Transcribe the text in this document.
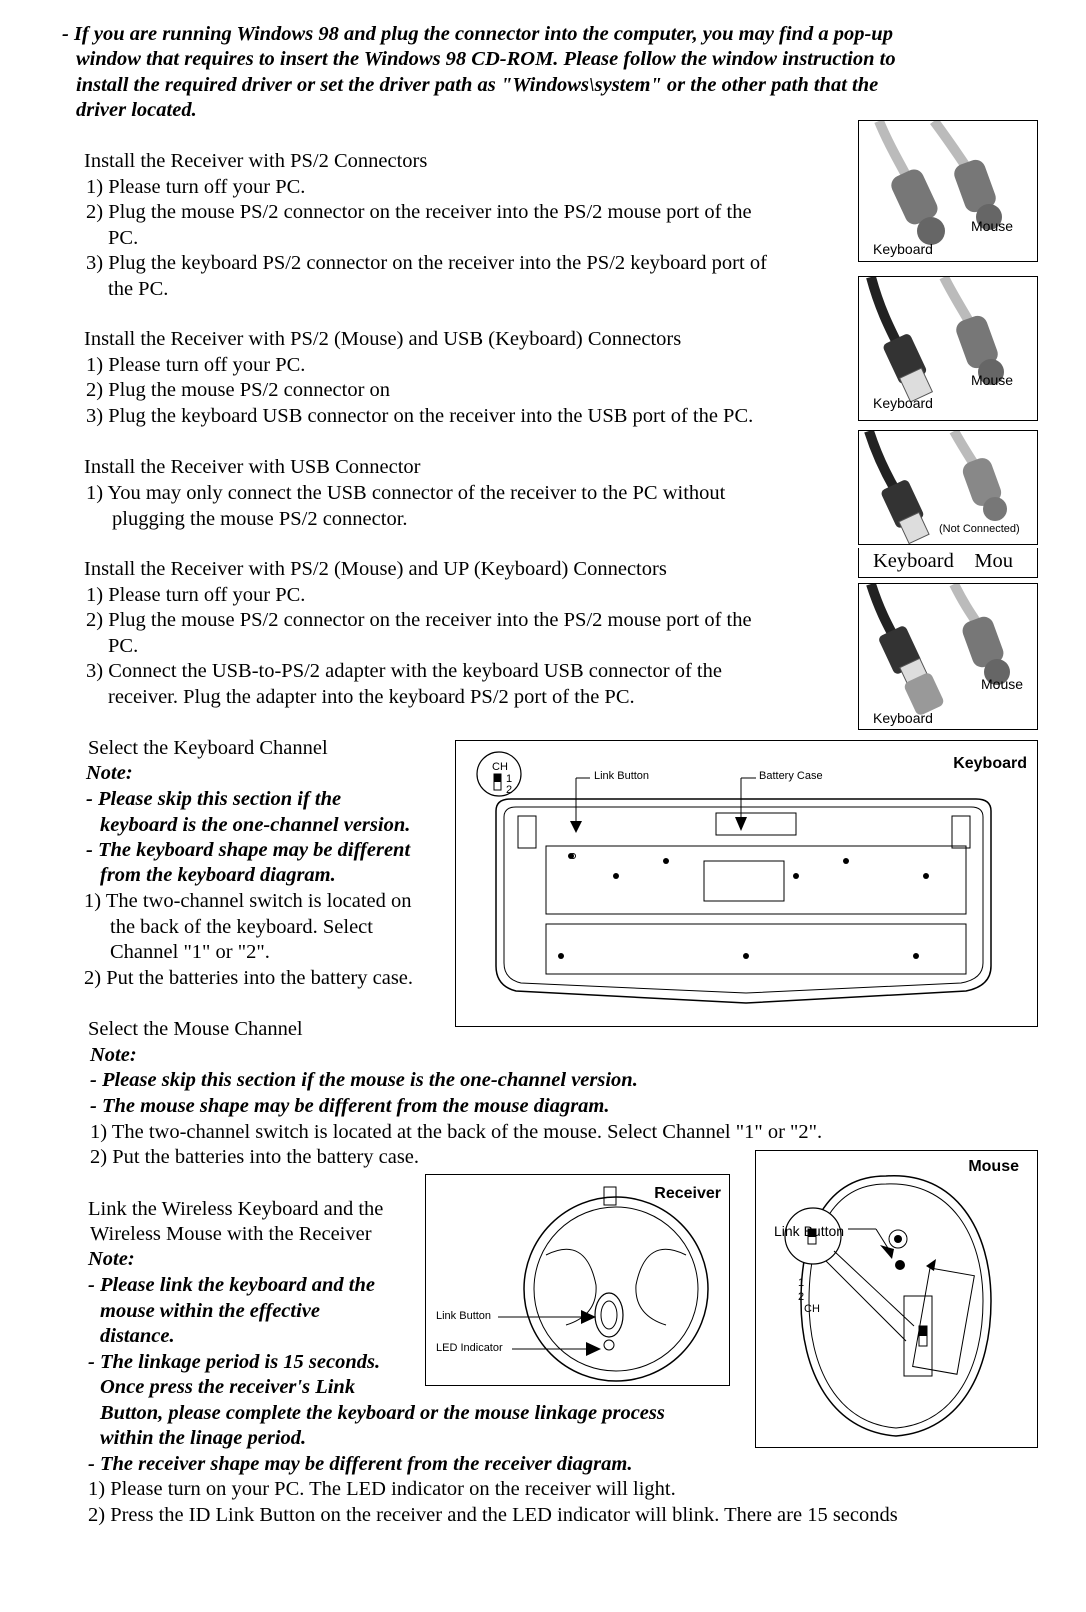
- If you are running Windows 98 and plug the connector into the computer, you may find a pop-up
window that requires to insert the Windows 98 CD-ROM. Please follow the window instruction to
install the required driver or set the driver path as "Windows\system" or the other path that the
driver located.
Install the Receiver with PS/2 Connectors
1) Please turn off your PC.
2) Plug the mouse PS/2 connector on the receiver into the PS/2 mouse port of the
PC.
3) Plug the keyboard PS/2 connector on the receiver into the PS/2 keyboard port of
the PC.
Install the Receiver with PS/2 (Mouse) and USB (Keyboard) Connectors
1) Please turn off your PC.
2) Plug the mouse PS/2 connector on
3) Plug the keyboard USB connector on the receiver into the USB port of the PC.
Install the Receiver with USB Connector
1) You may only connect the USB connector of the receiver to the PC without
plugging the mouse PS/2 connector.
Install the Receiver with PS/2 (Mouse) and UP (Keyboard) Connectors
1) Please turn off your PC.
2) Plug the mouse PS/2 connector on the receiver into the PS/2 mouse port of the
PC.
3) Connect the USB-to-PS/2 adapter with the keyboard USB connector of the
receiver. Plug the adapter into the keyboard PS/2 port of the PC.
Keyboard
Mouse
Keyboard
Mouse
(Not Connected)
Keyboard    Mou
Keyboard
Mouse
Select the Keyboard Channel
Note:
- Please skip this section if the
keyboard is the one-channel version.
- The keyboard shape may be different
from the keyboard diagram.
1) The two-channel switch is located on
the back of the keyboard. Select
Channel "1" or "2".
2) Put the batteries into the battery case.
Keyboard
CH
1
2
Link Button	Battery Case
Select the Mouse Channel
Note:
- Please skip this section if the mouse is the one-channel version.
- The mouse shape may be different from the mouse diagram.
1) The two-channel switch is located at the back of the mouse. Select Channel "1" or "2".
2) Put the batteries into the battery case.	Mouse
Link Button
1
2
CH
Receiver
Link Button
LED Indicator
Link the Wireless Keyboard and the
Wireless Mouse with the Receiver
Note:
- Please link the keyboard and the
mouse within the effective
distance.
- The linkage period is 15 seconds.
Once press the receiver's Link
Button, please complete the keyboard or the mouse linkage process
within the linage period.
- The receiver shape may be different from the receiver diagram.
1) Please turn on your PC. The LED indicator on the receiver will light.
2) Press the ID Link Button on the receiver and the LED indicator will blink. There are 15 seconds
